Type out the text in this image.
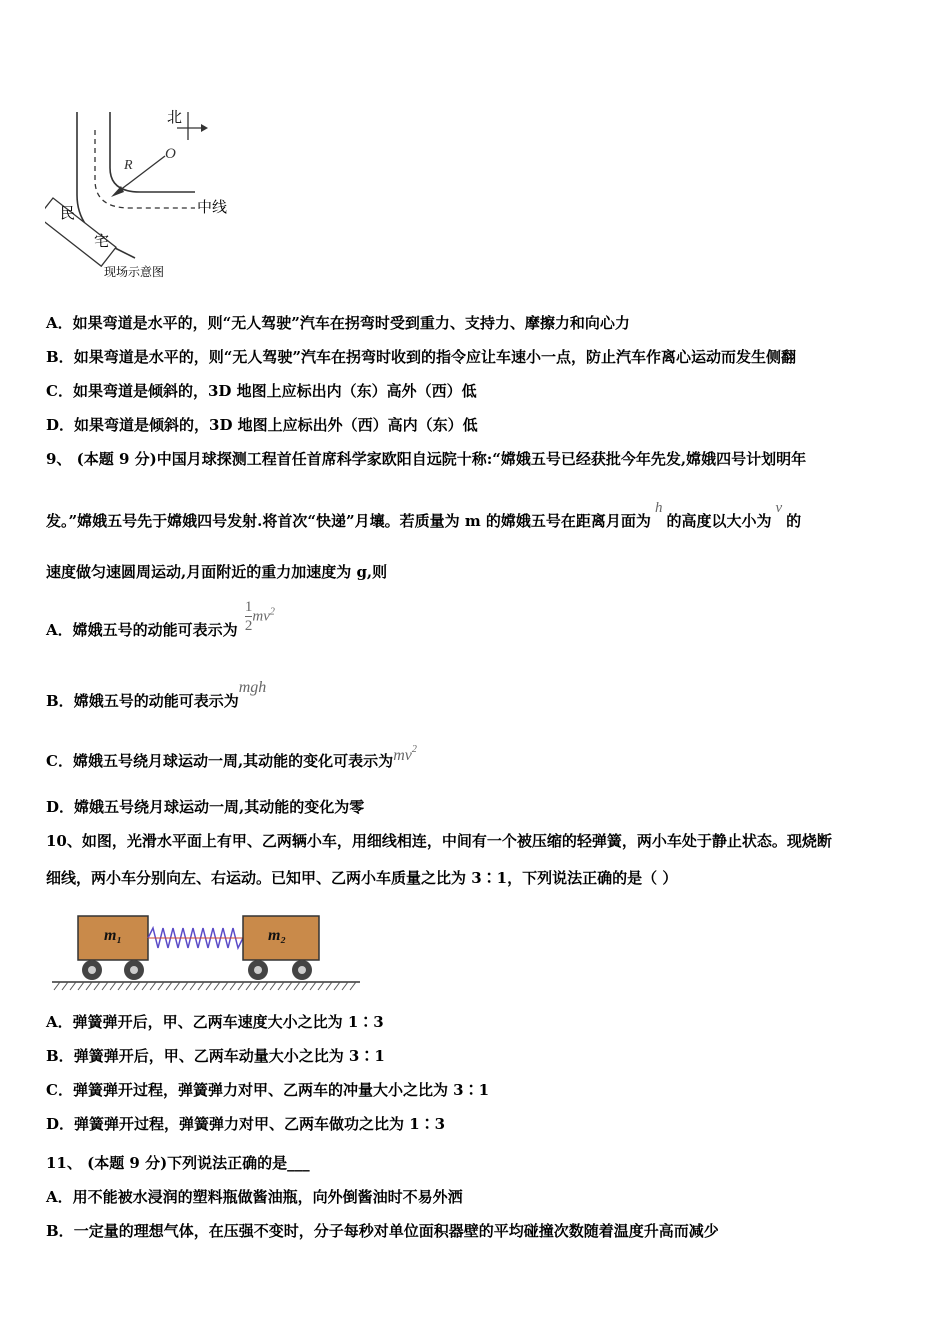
北
O
R
中线
民
宅
现场示意图
A．如果弯道是水平的，则“无人驾驶”汽车在拐弯时受到重力、支持力、摩擦力和向心力
B．如果弯道是水平的，则“无人驾驶”汽车在拐弯时收到的指令应让车速小一点，防止汽车作离心运动而发生侧翻
C．如果弯道是倾斜的，3D 地图上应标出内（东）高外（西）低
D．如果弯道是倾斜的，3D 地图上应标出外（西）高内（东）低
9、 (本题 9 分)中国月球探测工程首任首席科学家欧阳自远院十称:“嫦娥五号已经获批今年先发,嫦娥四号计划明年
发。”嫦娥五号先于嫦娥四号发射.将首次“快递”月壤。若质量为 m 的嫦娥五号在距离月面为h的高度以大小为v的
速度做匀速圆周运动,月面附近的重力加速度为 g,则
A．嫦娥五号的动能可表示为 $\frac{1}{2} mv^2$
B．嫦娥五号的动能可表示为mgh
C．嫦娥五号绕月球运动一周,其动能的变化可表示为$mv^2$
D．嫦娥五号绕月球运动一周,其动能的变化为零
10、如图，光滑水平面上有甲、乙两辆小车，用细线相连，中间有一个被压缩的轻弹簧，两小车处于静止状态。现烧断
细线，两小车分别向左、右运动。已知甲、乙两小车质量之比为 3∶1，下列说法正确的是（ ）
m₁	m₂
A．弹簧弹开后，甲、乙两车速度大小之比为 1∶3
B．弹簧弹开后，甲、乙两车动量大小之比为 3∶1
C．弹簧弹开过程，弹簧弹力对甲、乙两车的冲量大小之比为 3∶1
D．弹簧弹开过程，弹簧弹力对甲、乙两车做功之比为 1∶3
11、 (本题 9 分)下列说法正确的是___
A．用不能被水浸润的塑料瓶做酱油瓶，向外倒酱油时不易外洒
B．一定量的理想气体，在压强不变时，分子每秒对单位面积器壁的平均碰撞次数随着温度升高而减少
